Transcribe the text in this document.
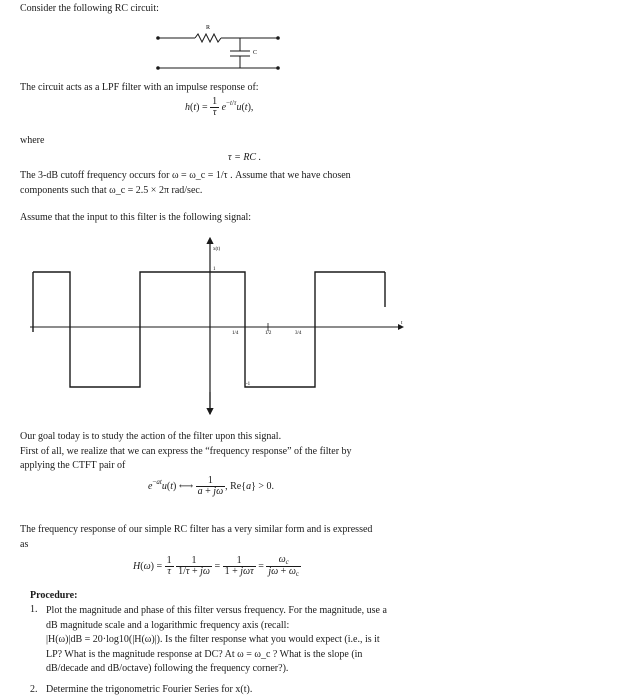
Consider the following RC circuit:
R
C
The circuit acts as a LPF filter with an impulse response of:
$h(t) = \frac{1}{\tau} e^{-t/\tau}u(t)$,
where
τ = RC .
The 3-dB cutoff frequency occurs for ω = ω_c = 1/τ . Assume that we have chosen
components such that ω_c = 2.5 × 2π rad/sec.
Assume that the input to this filter is the following signal:
x(t)
1
-1
1/4	1/2	3/4
t
Our goal today is to study the action of the filter upon this signal.
First of all, we realize that we can express the “frequency response” of the filter by
applying the CTFT pair of
$e^{-at}u(t)$ ⟷ $\frac{1}{a + j\omega}$ , Re{a} > 0.
The frequency response of our simple RC filter has a very similar form and is expressed
as
$H(\omega) = \frac{1}{\tau}$
$\frac{1}{1/\tau + j\omega} = \frac{1}{\text{1 + jωτ}} = \frac{\omega_c}{j\omega + \omega_c}$
Procedure:
1. Plot the magnitude and phase of this filter versus frequency. For the magnitude, use a
dB magnitude scale and a logarithmic frequency axis (recall:
|H(ω)|dB = 20·log10(|H(ω)|). Is the filter response what you would expect (i.e., is it
LP? What is the magnitude response at DC? At ω = ω_c ? What is the slope (in
dB/decade and dB/octave) following the frequency corner?).
2. Determine the trigonometric Fourier Series for x(t).
